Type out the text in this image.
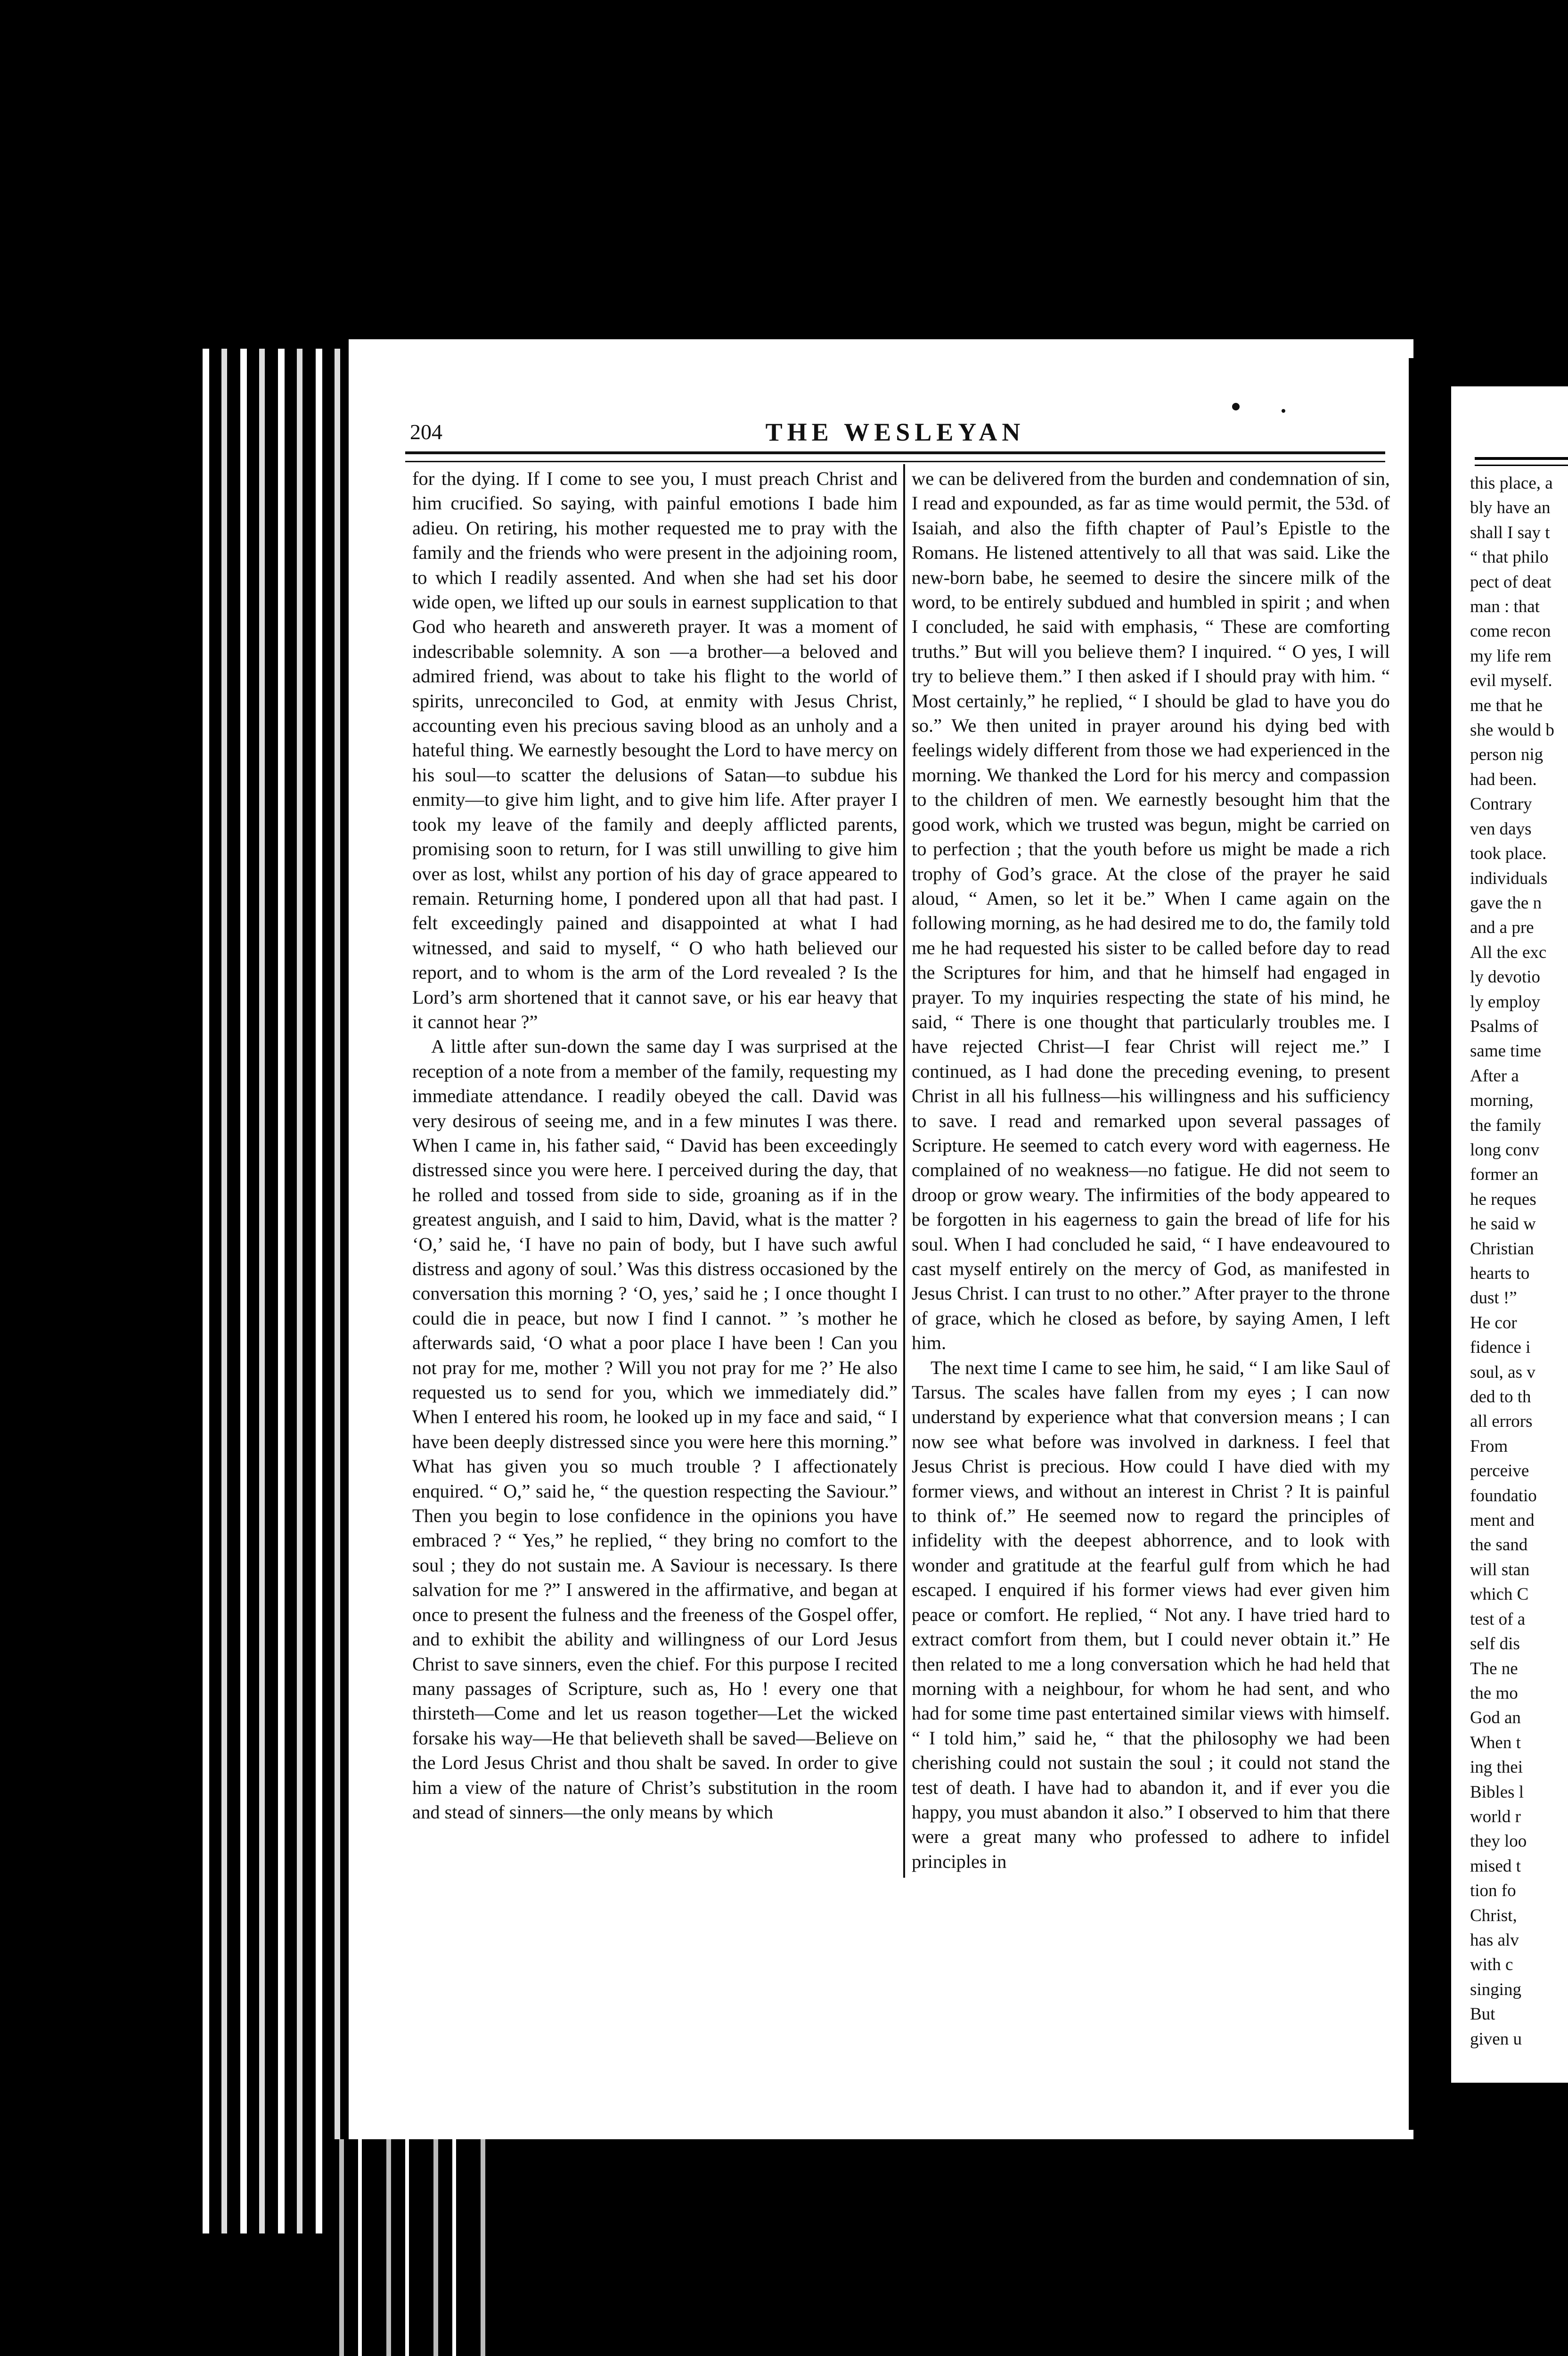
this place, a
bly have an
shall I say t
“ that philo
pect of deat
man : that
come recon
my life rem
evil myself.
me that he
she would b
person nig
had been.
Contrary
ven days
took place.
individuals
gave the n
and a pre
All the exc
ly devotio
ly employ
Psalms of
same time
After a
morning,
the family
long conv
former an
he reques
he said w
Christian
hearts to
dust !”
He cor
fidence i
soul, as v
ded to th
all errors
From
perceive
foundatio
ment and
the sand
will stan
which C
test of a
self dis
The ne
the mo
God an
When t
ing thei
Bibles l
world r
they loo
mised t
tion fo
Christ,
has alv
with c
singing
But
given u
204	THE WESLEYAN

for the dying. If I come to see you, I must preach Christ and him crucified. So saying, with painful emotions I bade him adieu. On retiring, his mother requested me to pray with the family and the friends who were present in the adjoining room, to which I readily assented. And when she had set his door wide open, we lifted up our souls in earnest supplication to that God who heareth and answereth prayer. It was a moment of indescribable solemnity. A son —a brother—a beloved and admired friend, was about to take his flight to the world of spirits, unreconciled to God, at enmity with Jesus Christ, accounting even his precious saving blood as an unholy and a hateful thing. We earnestly besought the Lord to have mercy on his soul—to scatter the delusions of Satan—to subdue his enmity—to give him light, and to give him life. After prayer I took my leave of the family and deeply afflicted parents, promising soon to return, for I was still unwilling to give him over as lost, whilst any portion of his day of grace appeared to remain. Returning home, I pondered upon all that had past. I felt exceedingly pained and disappointed at what I had witnessed, and said to myself, “ O who hath believed our report, and to whom is the arm of the Lord revealed ? Is the Lord’s arm shortened that it cannot save, or his ear heavy that it cannot hear ?”

A little after sun-down the same day I was surprised at the reception of a note from a member of the family, requesting my immediate attendance. I readily obeyed the call. David was very desirous of seeing me, and in a few minutes I was there. When I came in, his father said, “ David has been exceedingly distressed since you were here. I perceived during the day, that he rolled and tossed from side to side, groaning as if in the greatest anguish, and I said to him, David, what is the matter ? ‘O,’ said he, ‘I have no pain of body, but I have such awful distress and agony of soul.’ Was this distress occasioned by the conversation this morning ? ‘O, yes,’ said he ; I once thought I could die in peace, but now I find I cannot. ” ’s mother he afterwards said, ‘O what a poor place I have been ! Can you not pray for me, mother ? Will you not pray for me ?’ He also requested us to send for you, which we immediately did.” When I entered his room, he looked up in my face and said, “ I have been deeply distressed since you were here this morning.” What has given you so much trouble ? I affectionately enquired. “ O,” said he, “ the question respecting the Saviour.” Then you begin to lose confidence in the opinions you have embraced ? “ Yes,” he replied, “ they bring no comfort to the soul ; they do not sustain me. A Saviour is necessary. Is there salvation for me ?” I answered in the affirmative, and began at once to present the fulness and the freeness of the Gospel offer, and to exhibit the ability and willingness of our Lord Jesus Christ to save sinners, even the chief. For this purpose I recited many passages of Scripture, such as, Ho ! every one that thirsteth—Come and let us reason together—Let the wicked forsake his way—He that believeth shall be saved—Believe on the Lord Jesus Christ and thou shalt be saved. In order to give him a view of the nature of Christ’s substitution in the room and stead of sinners—the only means by which

we can be delivered from the burden and condemnation of sin, I read and expounded, as far as time would permit, the 53d. of Isaiah, and also the fifth chapter of Paul’s Epistle to the Romans. He listened attentively to all that was said. Like the new-born babe, he seemed to desire the sincere milk of the word, to be entirely subdued and humbled in spirit ; and when I concluded, he said with emphasis, “ These are comforting truths.” But will you believe them? I inquired. “ O yes, I will try to believe them.” I then asked if I should pray with him. “ Most certainly,” he replied, “ I should be glad to have you do so.” We then united in prayer around his dying bed with feelings widely different from those we had experienced in the morning. We thanked the Lord for his mercy and compassion to the children of men. We earnestly besought him that the good work, which we trusted was begun, might be carried on to perfection ; that the youth before us might be made a rich trophy of God’s grace. At the close of the prayer he said aloud, “ Amen, so let it be.” When I came again on the following morning, as he had desired me to do, the family told me he had requested his sister to be called before day to read the Scriptures for him, and that he himself had engaged in prayer. To my inquiries respecting the state of his mind, he said, “ There is one thought that particularly troubles me. I have rejected Christ—I fear Christ will reject me.” I continued, as I had done the preceding evening, to present Christ in all his fullness—his willingness and his sufficiency to save. I read and remarked upon several passages of Scripture. He seemed to catch every word with eagerness. He complained of no weakness—no fatigue. He did not seem to droop or grow weary. The infirmities of the body appeared to be forgotten in his eagerness to gain the bread of life for his soul. When I had concluded he said, “ I have endeavoured to cast myself entirely on the mercy of God, as manifested in Jesus Christ. I can trust to no other.” After prayer to the throne of grace, which he closed as before, by saying Amen, I left him.

The next time I came to see him, he said, “ I am like Saul of Tarsus. The scales have fallen from my eyes ; I can now understand by experience what that conversion means ; I can now see what before was involved in darkness. I feel that Jesus Christ is precious. How could I have died with my former views, and without an interest in Christ ? It is painful to think of.” He seemed now to regard the principles of infidelity with the deepest abhorrence, and to look with wonder and gratitude at the fearful gulf from which he had escaped. I enquired if his former views had ever given him peace or comfort. He replied, “ Not any. I have tried hard to extract comfort from them, but I could never obtain it.” He then related to me a long conversation which he had held that morning with a neighbour, for whom he had sent, and who had for some time past entertained similar views with himself. “ I told him,” said he, “ that the philosophy we had been cherishing could not sustain the soul ; it could not stand the test of death. I have had to abandon it, and if ever you die happy, you must abandon it also.” I observed to him that there were a great many who professed to adhere to infidel principles in
